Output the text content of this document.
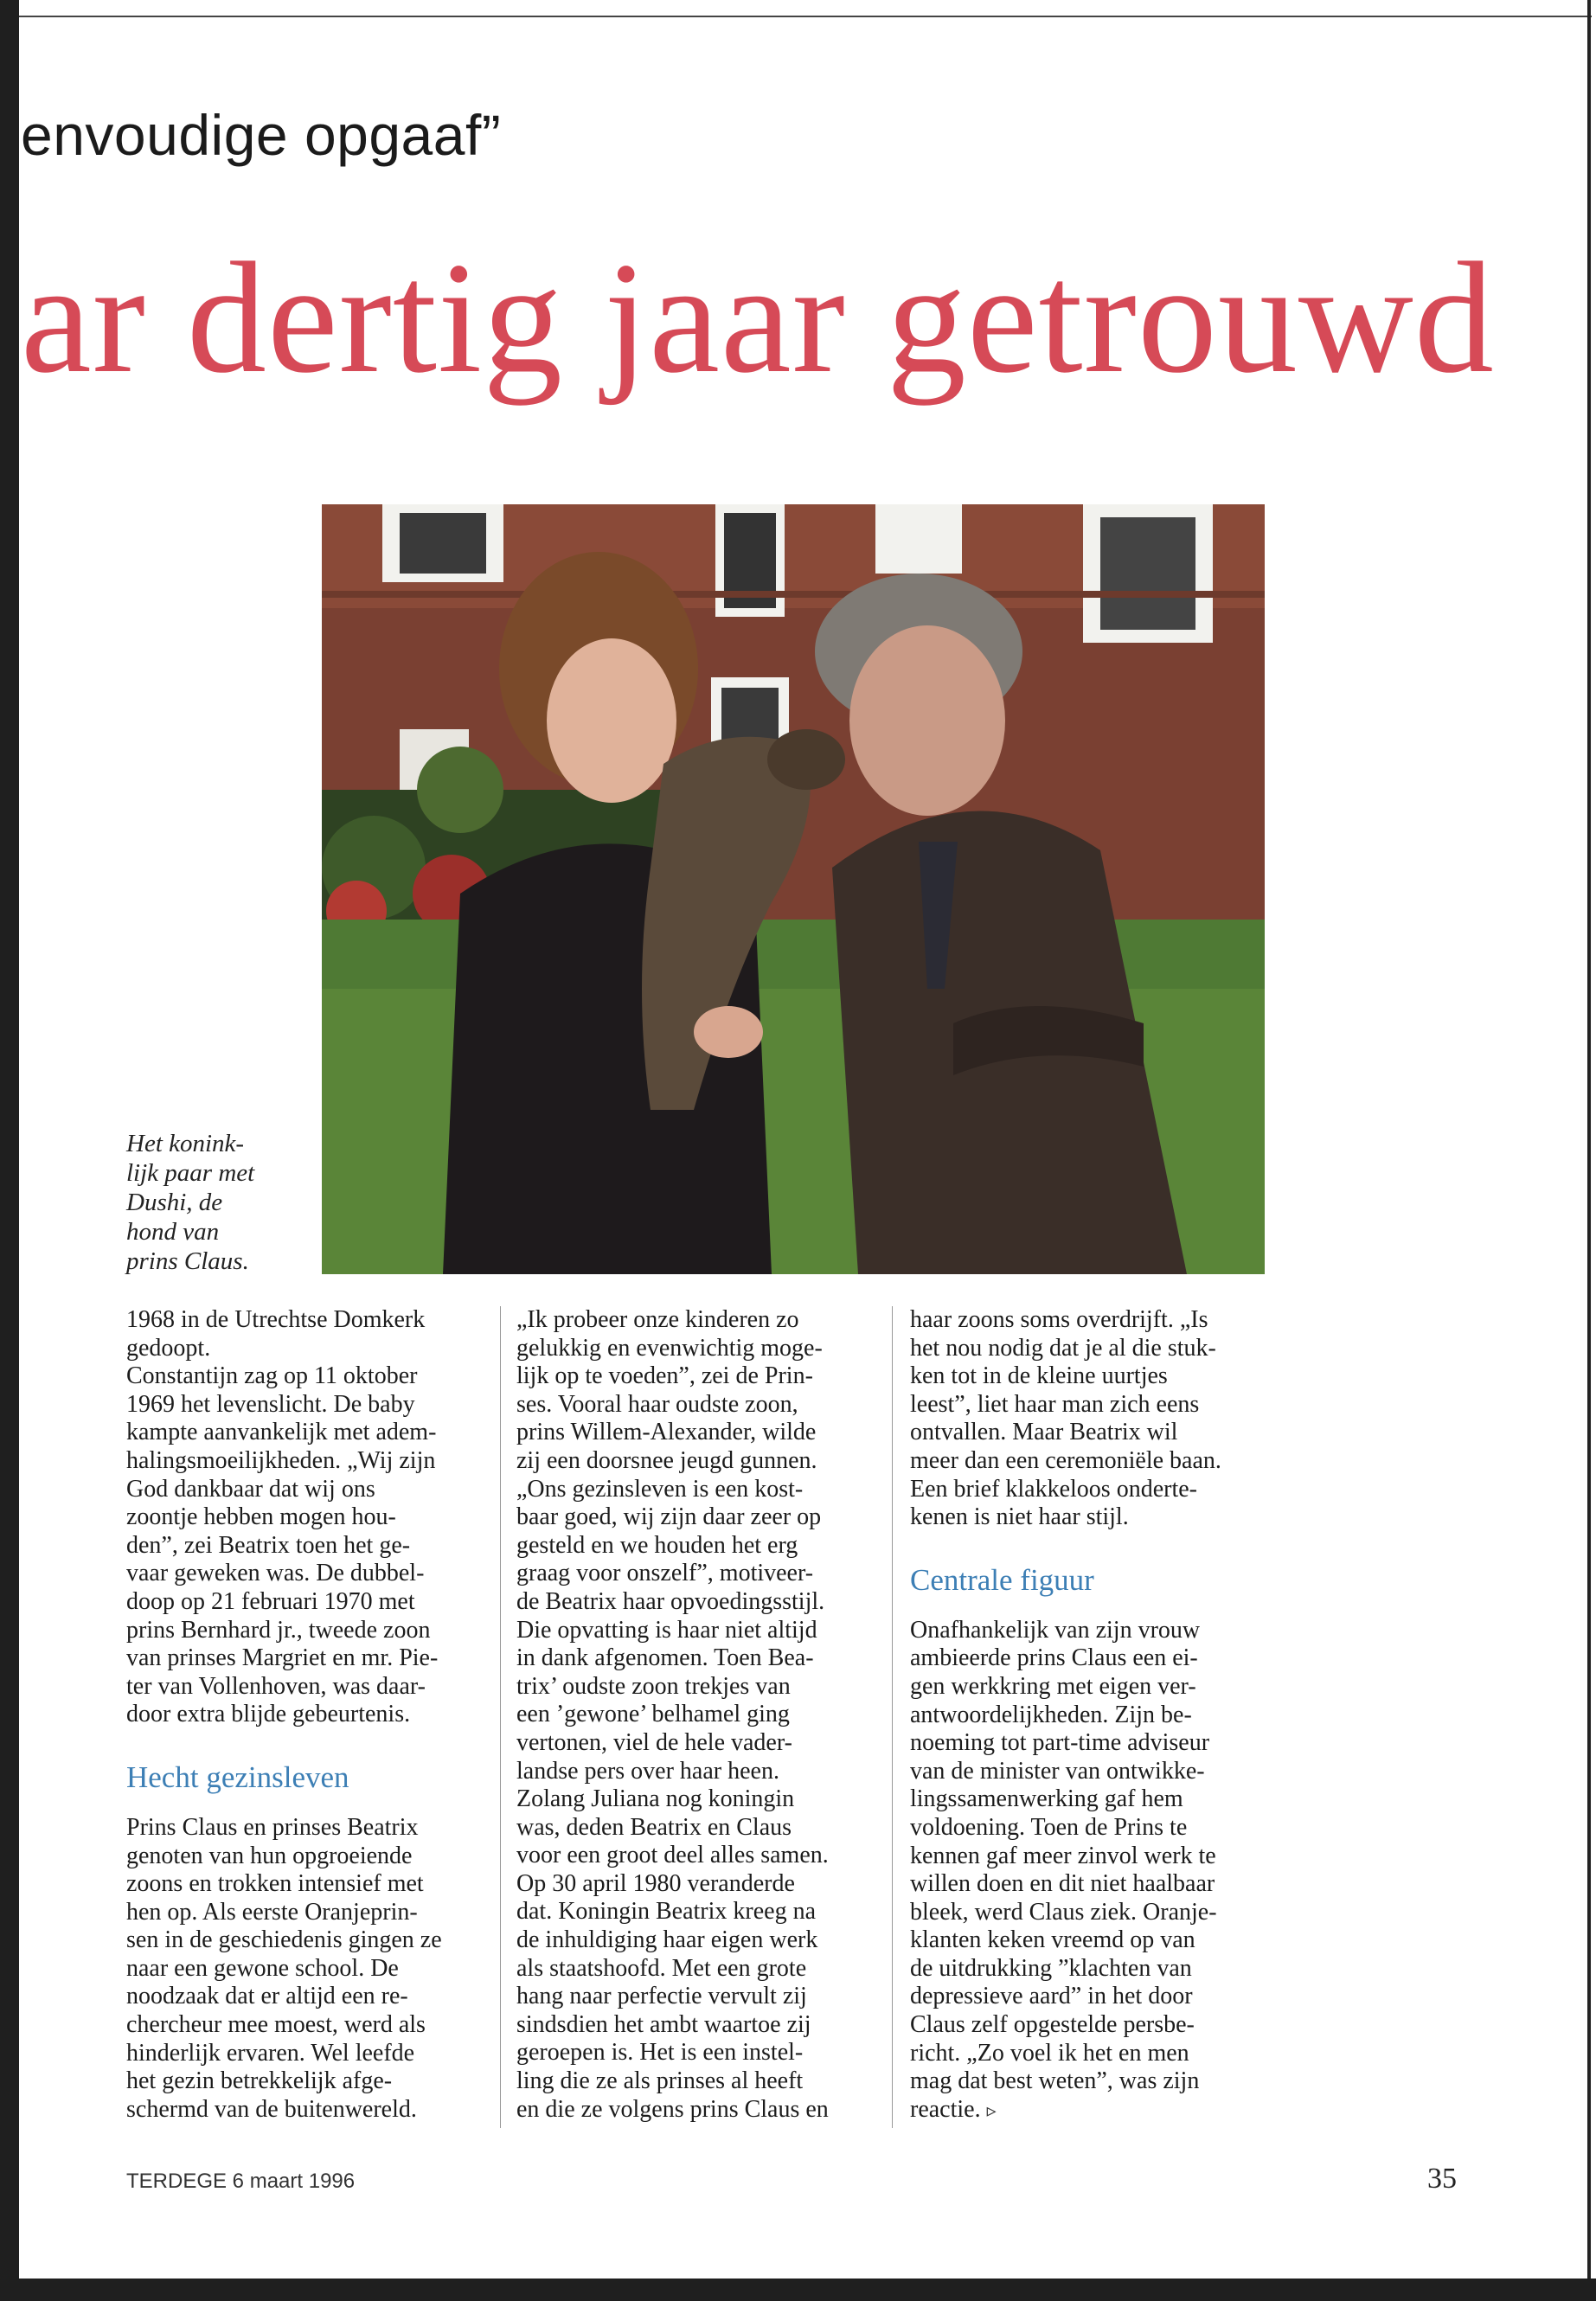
envoudige opgaaf”
ar dertig jaar getrouwd
Het konink-
lijk paar met
Dushi, de
hond van
prins Claus.

1968 in de Utrechtse Domkerk

gedoopt.

Constantijn zag op 11 oktober

1969 het levenslicht. De baby

kampte aanvankelijk met adem-

halingsmoeilijkheden. „Wij zijn

God dankbaar dat wij ons

zoontje hebben mogen hou-

den”, zei Beatrix toen het ge-

vaar geweken was. De dubbel-

doop op 21 februari 1970 met

prins Bernhard jr., tweede zoon

van prinses Margriet en mr. Pie-

ter van Vollenhoven, was daar-

door extra blijde gebeurtenis.

Hecht gezinsleven

Prins Claus en prinses Beatrix

genoten van hun opgroeiende

zoons en trokken intensief met

hen op. Als eerste Oranjeprin-

sen in de geschiedenis gingen ze

naar een gewone school. De

noodzaak dat er altijd een re-

chercheur mee moest, werd als

hinderlijk ervaren. Wel leefde

het gezin betrekkelijk afge-

schermd van de buitenwereld.

„Ik probeer onze kinderen zo

gelukkig en evenwichtig moge-

lijk op te voeden”, zei de Prin-

ses. Vooral haar oudste zoon,

prins Willem-Alexander, wilde

zij een doorsnee jeugd gunnen.

„Ons gezinsleven is een kost-

baar goed, wij zijn daar zeer op

gesteld en we houden het erg

graag voor onszelf”, motiveer-

de Beatrix haar opvoedingsstijl.

Die opvatting is haar niet altijd

in dank afgenomen. Toen Bea-

trix’ oudste zoon trekjes van

een ’gewone’ belhamel ging

vertonen, viel de hele vader-

landse pers over haar heen.

Zolang Juliana nog koningin

was, deden Beatrix en Claus

voor een groot deel alles samen.

Op 30 april 1980 veranderde

dat. Koningin Beatrix kreeg na

de inhuldiging haar eigen werk

als staatshoofd. Met een grote

hang naar perfectie vervult zij

sindsdien het ambt waartoe zij

geroepen is. Het is een instel-

ling die ze als prinses al heeft

en die ze volgens prins Claus en

haar zoons soms overdrijft. „Is

het nou nodig dat je al die stuk-

ken tot in de kleine uurtjes

leest”, liet haar man zich eens

ontvallen. Maar Beatrix wil

meer dan een ceremoniële baan.

Een brief klakkeloos onderte-

kenen is niet haar stijl.

Centrale figuur

Onafhankelijk van zijn vrouw

ambieerde prins Claus een ei-

gen werkkring met eigen ver-

antwoordelijkheden. Zijn be-

noeming tot part-time adviseur

van de minister van ontwikke-

lingssamenwerking gaf hem

voldoening. Toen de Prins te

kennen gaf meer zinvol werk te

willen doen en dit niet haalbaar

bleek, werd Claus ziek. Oranje-

klanten keken vreemd op van

de uitdrukking ”klachten van

depressieve aard” in het door

Claus zelf opgestelde persbe-

richt. „Zo voel ik het en men

mag dat best weten”, was zijn

reactie. ▹

TERDEGE 6 maart 1996	35
